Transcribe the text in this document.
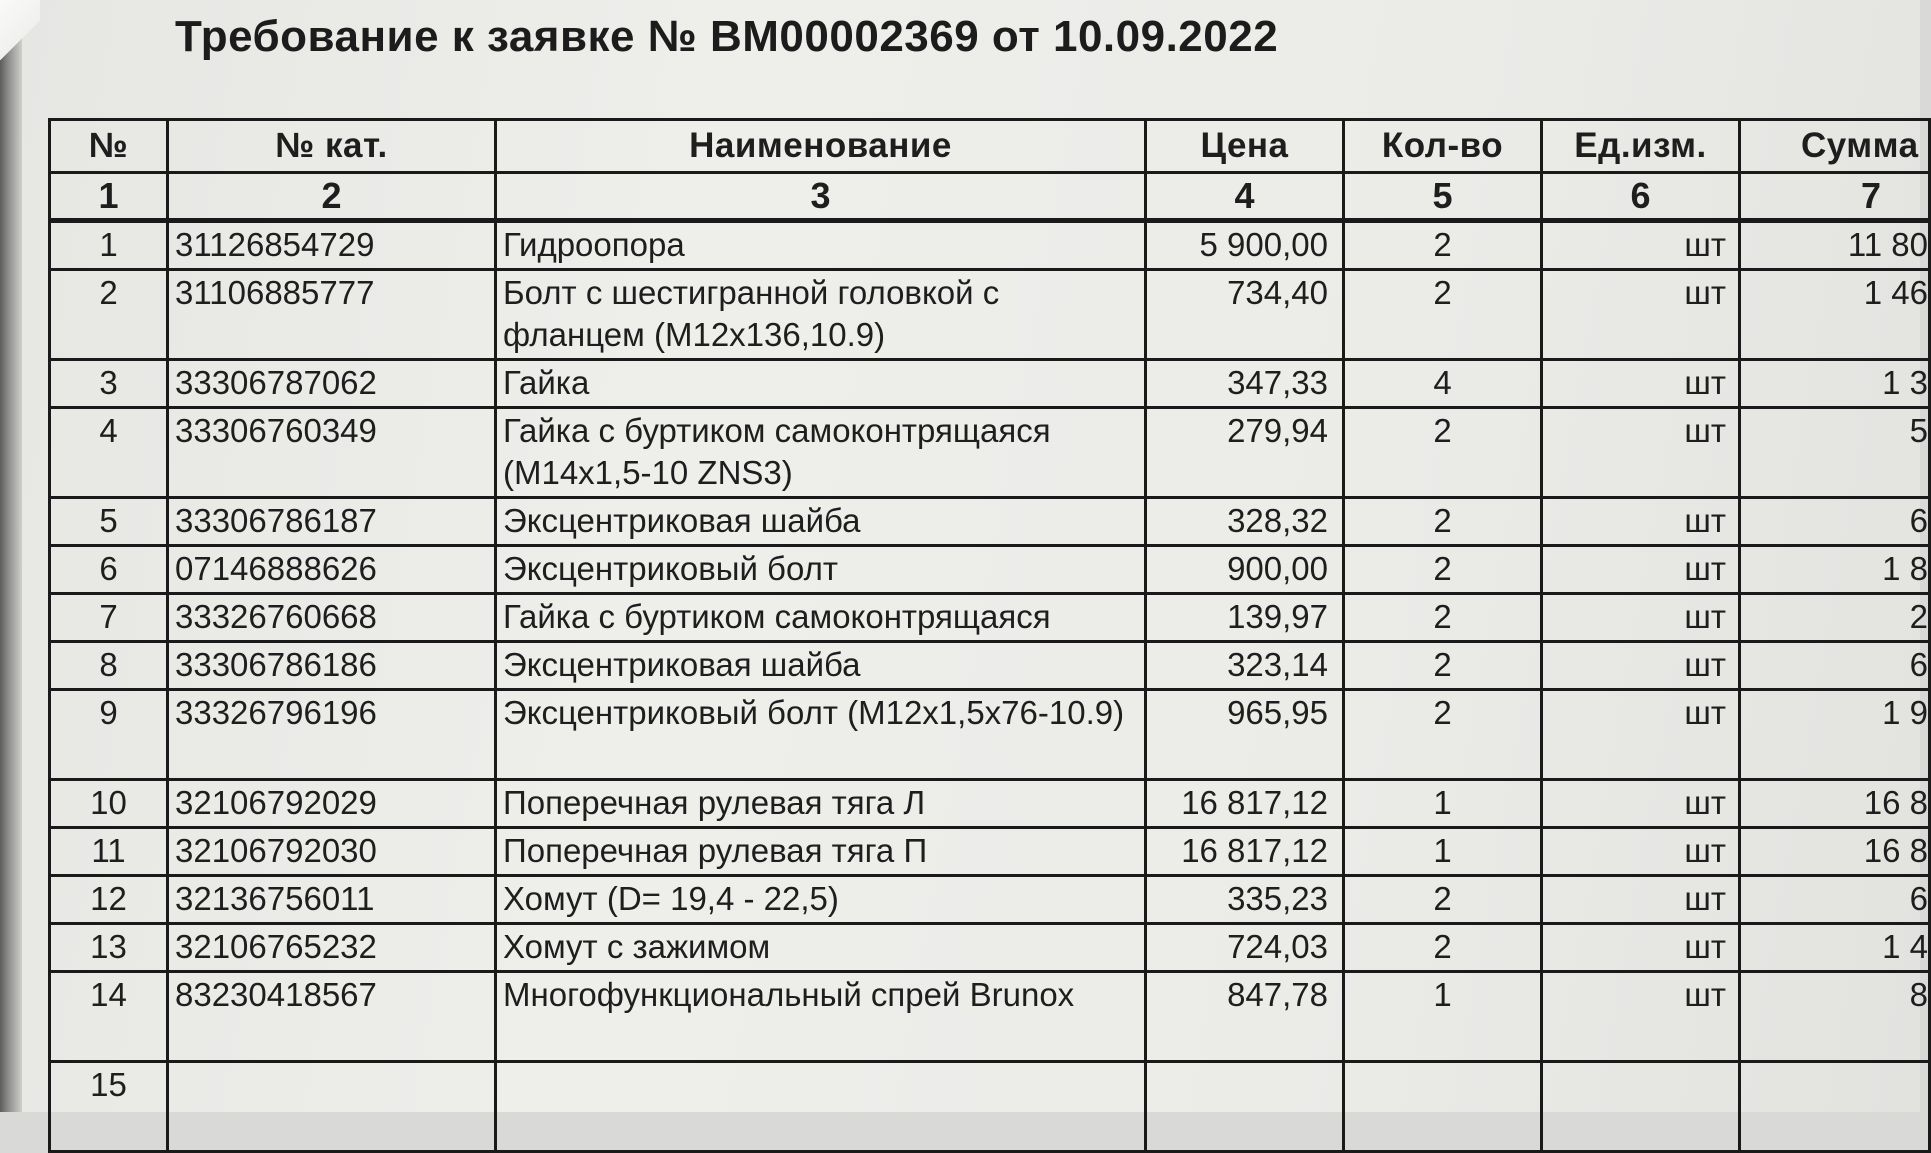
Требование к заявке № ВМ00002369 от 10.09.2022
№	№ кат.	Наименование	Цена	Кол-во	Ед.изм.	Сумма
1	2	3	4	5	6	7
1	31126854729	Гидроопора	5 900,00	2	шт	11 80
2	31106885777	Болт с шестигранной головкой с фланцем (M12x136,10.9)	734,40	2	шт	1 46
3	33306787062	Гайка	347,33	4	шт	1 3
4	33306760349	Гайка с буртиком самоконтрящаяся (M14x1,5-10 ZNS3)	279,94	2	шт	5
5	33306786187	Эксцентриковая шайба	328,32	2	шт	6
6	07146888626	Эксцентриковый болт	900,00	2	шт	1 8
7	33326760668	Гайка с буртиком самоконтрящаяся	139,97	2	шт	2
8	33306786186	Эксцентриковая шайба	323,14	2	шт	6
9	33326796196	Эксцентриковый болт (M12x1,5x76-10.9)	965,95	2	шт	1 9
10	32106792029	Поперечная рулевая тяга Л	16 817,12	1	шт	16 8
11	32106792030	Поперечная рулевая тяга П	16 817,12	1	шт	16 8
12	32136756011	Хомут (D= 19,4 - 22,5)	335,23	2	шт	6
13	32106765232	Хомут с зажимом	724,03	2	шт	1 4
14	83230418567	Многофункциональный спрей Brunox	847,78	1	шт	8
15						
